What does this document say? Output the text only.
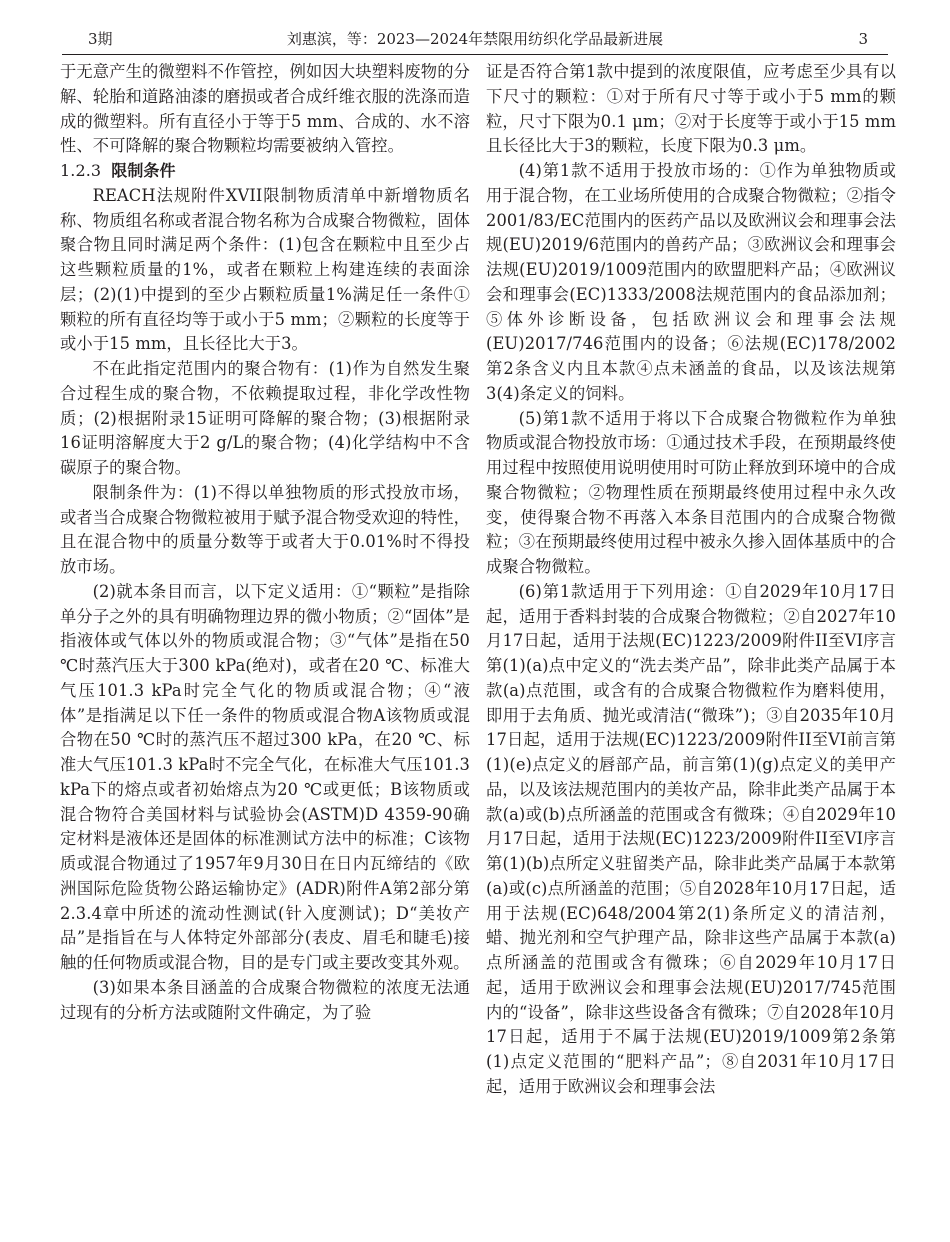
3期	刘惠滨，等：2023—2024年禁限用纺织化学品最新进展	3

于无意产生的微塑料不作管控，例如因大块塑料废物的分解、轮胎和道路油漆的磨损或者合成纤维衣服的洗涤而造成的微塑料。所有直径小于等于5 mm、合成的、水不溶性、不可降解的聚合物颗粒均需要被纳入管控。

1.2.3 限制条件

REACH法规附件XVII限制物质清单中新增物质名称、物质组名称或者混合物名称为合成聚合物微粒，固体聚合物且同时满足两个条件：(1)包含在颗粒中且至少占这些颗粒质量的1%，或者在颗粒上构建连续的表面涂层；(2)(1)中提到的至少占颗粒质量1%满足任一条件①颗粒的所有直径均等于或小于5 mm；②颗粒的长度等于或小于15 mm，且长径比大于3。

不在此指定范围内的聚合物有：(1)作为自然发生聚合过程生成的聚合物，不依赖提取过程，非化学改性物质；(2)根据附录15证明可降解的聚合物；(3)根据附录16证明溶解度大于2 g/L的聚合物；(4)化学结构中不含碳原子的聚合物。

限制条件为：(1)不得以单独物质的形式投放市场，或者当合成聚合物微粒被用于赋予混合物受欢迎的特性，且在混合物中的质量分数等于或者大于0.01%时不得投放市场。

(2)就本条目而言，以下定义适用：①“颗粒”是指除单分子之外的具有明确物理边界的微小物质；②“固体”是指液体或气体以外的物质或混合物；③“气体”是指在50 ℃时蒸汽压大于300 kPa(绝对)，或者在20 ℃、标准大气压101.3 kPa时完全气化的物质或混合物；④“液体”是指满足以下任一条件的物质或混合物A该物质或混合物在50 ℃时的蒸汽压不超过300 kPa，在20 ℃、标准大气压101.3 kPa时不完全气化，在标准大气压101.3 kPa下的熔点或者初始熔点为20 ℃或更低；B该物质或混合物符合美国材料与试验协会(ASTM)D 4359-90确定材料是液体还是固体的标准测试方法中的标准；C该物质或混合物通过了1957年9月30日在日内瓦缔结的《欧洲国际危险货物公路运输协定》(ADR)附件A第2部分第2.3.4章中所述的流动性测试(针入度测试)；D“美妆产品”是指旨在与人体特定外部部分(表皮、眉毛和睫毛)接触的任何物质或混合物，目的是专门或主要改变其外观。

(3)如果本条目涵盖的合成聚合物微粒的浓度无法通过现有的分析方法或随附文件确定，为了验

证是否符合第1款中提到的浓度限值，应考虑至少具有以下尺寸的颗粒：①对于所有尺寸等于或小于5 mm的颗粒，尺寸下限为0.1 μm；②对于长度等于或小于15 mm且长径比大于3的颗粒，长度下限为0.3 μm。

(4)第1款不适用于投放市场的：①作为单独物质或用于混合物，在工业场所使用的合成聚合物微粒；②指令2001/83/EC范围内的医药产品以及欧洲议会和理事会法规(EU)2019/6范围内的兽药产品；③欧洲议会和理事会法规(EU)2019/1009范围内的欧盟肥料产品；④欧洲议会和理事会(EC)1333/2008法规范围内的食品添加剂；⑤体外诊断设备，包括欧洲议会和理事会法规(EU)2017/746范围内的设备；⑥法规(EC)178/2002第2条含义内且本款④点未涵盖的食品，以及该法规第3(4)条定义的饲料。

(5)第1款不适用于将以下合成聚合物微粒作为单独物质或混合物投放市场：①通过技术手段，在预期最终使用过程中按照使用说明使用时可防止释放到环境中的合成聚合物微粒；②物理性质在预期最终使用过程中永久改变，使得聚合物不再落入本条目范围内的合成聚合物微粒；③在预期最终使用过程中被永久掺入固体基质中的合成聚合物微粒。

(6)第1款适用于下列用途：①自2029年10月17日起，适用于香料封装的合成聚合物微粒；②自2027年10月17日起，适用于法规(EC)1223/2009附件II至VI序言第(1)(a)点中定义的“洗去类产品”，除非此类产品属于本款(a)点范围，或含有的合成聚合物微粒作为磨料使用，即用于去角质、抛光或清洁(“微珠”)；③自2035年10月17日起，适用于法规(EC)1223/2009附件II至VI前言第(1)(e)点定义的唇部产品，前言第(1)(g)点定义的美甲产品，以及该法规范围内的美妆产品，除非此类产品属于本款(a)或(b)点所涵盖的范围或含有微珠；④自2029年10月17日起，适用于法规(EC)1223/2009附件II至VI序言第(1)(b)点所定义驻留类产品，除非此类产品属于本款第(a)或(c)点所涵盖的范围；⑤自2028年10月17日起，适用于法规(EC)648/2004第2(1)条所定义的清洁剂，蜡、抛光剂和空气护理产品，除非这些产品属于本款(a)点所涵盖的范围或含有微珠；⑥自2029年10月17日起，适用于欧洲议会和理事会法规(EU)2017/745范围内的“设备”，除非这些设备含有微珠；⑦自2028年10月17日起，适用于不属于法规(EU)2019/1009第2条第(1)点定义范围的“肥料产品”；⑧自2031年10月17日起，适用于欧洲议会和理事会法
